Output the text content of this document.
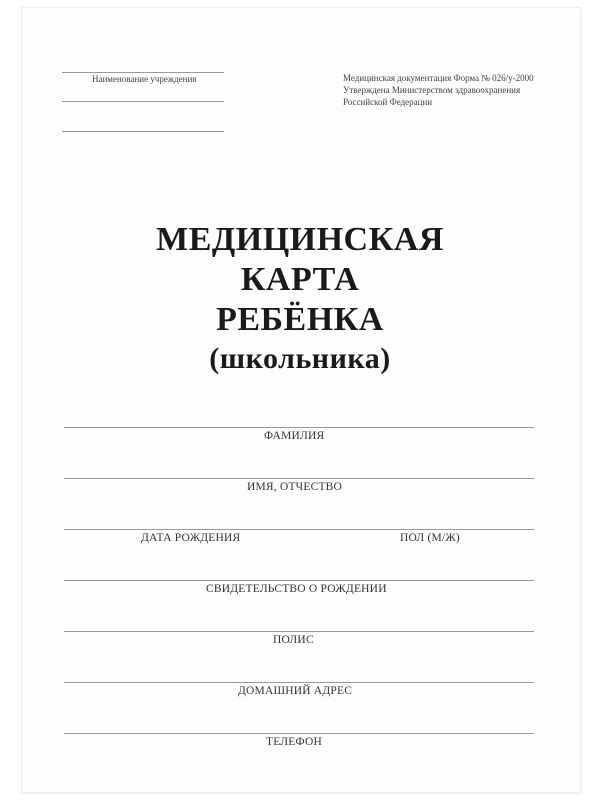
Наименование учреждения	Медицинская документация Форма № 026/у-2000
Утверждена Министерством здравоохранения
Российской Федерации
МЕДИЦИНСКАЯ
КАРТА
РЕБЁНКА
(школьника)
ФАМИЛИЯ
ИМЯ, ОТЧЕСТВО
ДАТА РОЖДЕНИЯ	ПОЛ (М/Ж)
СВИДЕТЕЛЬСТВО О РОЖДЕНИИ
ПОЛИС
ДОМАШНИЙ АДРЕС
ТЕЛЕФОН
